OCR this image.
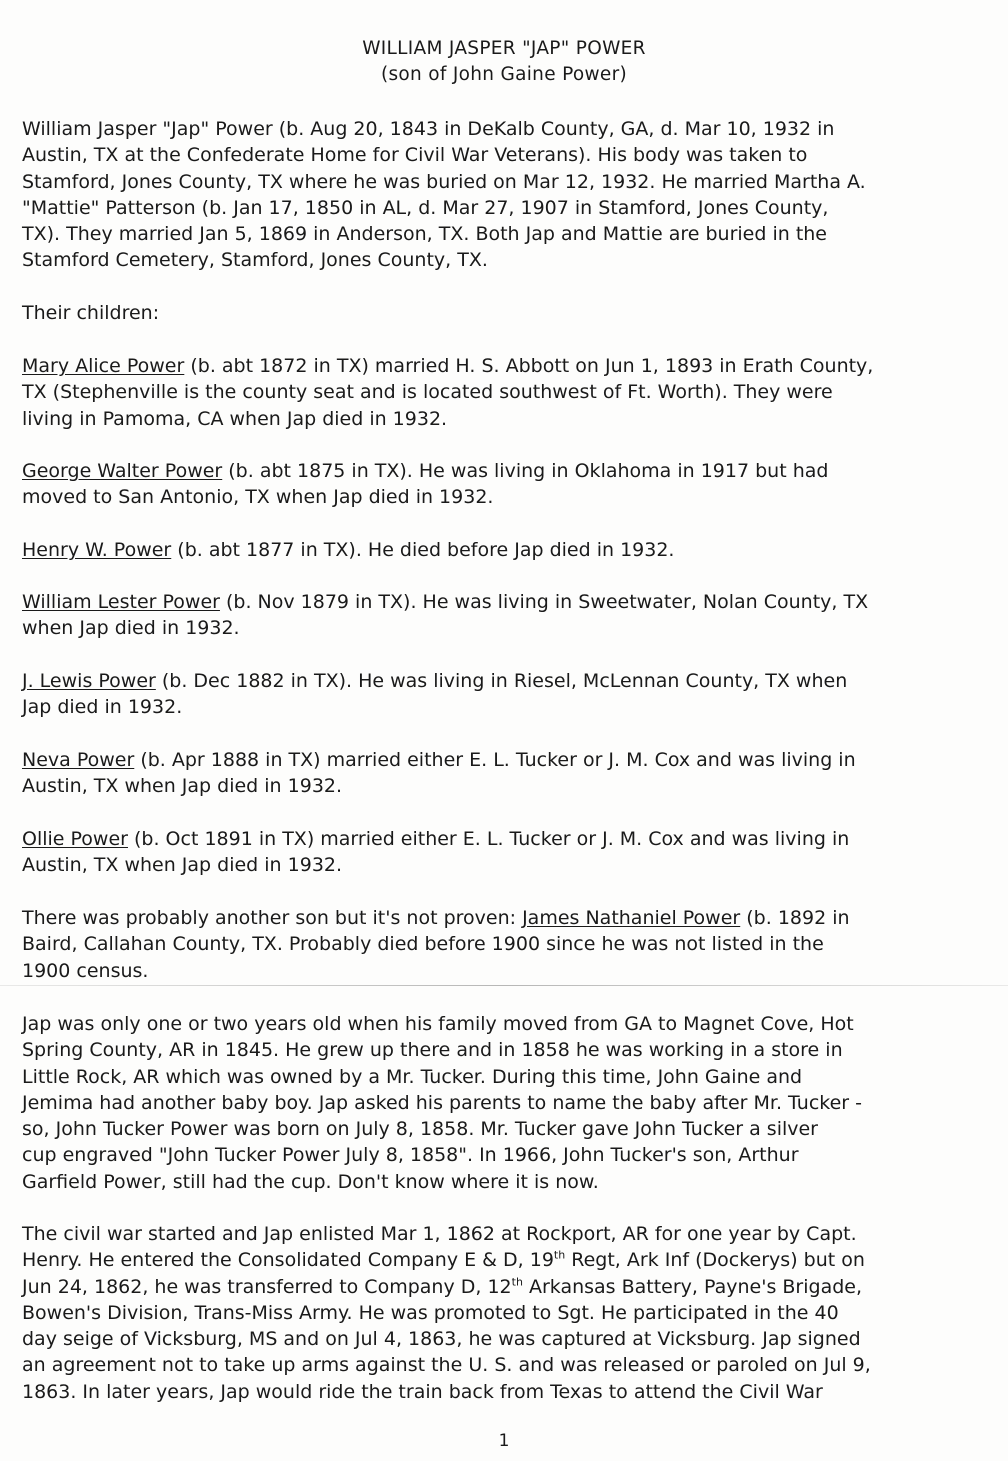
WILLIAM JASPER "JAP" POWER
(son of John Gaine Power)
William Jasper "Jap" Power (b. Aug 20, 1843 in DeKalb County, GA, d. Mar 10, 1932 in
Austin, TX at the Confederate Home for Civil War Veterans). His body was taken to
Stamford, Jones County, TX where he was buried on Mar 12, 1932. He married Martha A.
"Mattie" Patterson (b. Jan 17, 1850 in AL, d. Mar 27, 1907 in Stamford, Jones County,
TX). They married Jan 5, 1869 in Anderson, TX. Both Jap and Mattie are buried in the
Stamford Cemetery, Stamford, Jones County, TX.
Their children:
Mary Alice Power (b. abt 1872 in TX) married H. S. Abbott on Jun 1, 1893 in Erath County,
TX (Stephenville is the county seat and is located southwest of Ft. Worth). They were
living in Pamoma, CA when Jap died in 1932.
George Walter Power (b. abt 1875 in TX). He was living in Oklahoma in 1917 but had
moved to San Antonio, TX when Jap died in 1932.
Henry W. Power (b. abt 1877 in TX). He died before Jap died in 1932.
William Lester Power (b. Nov 1879 in TX). He was living in Sweetwater, Nolan County, TX
when Jap died in 1932.
J. Lewis Power (b. Dec 1882 in TX). He was living in Riesel, McLennan County, TX when
Jap died in 1932.
Neva Power (b. Apr 1888 in TX) married either E. L. Tucker or J. M. Cox and was living in
Austin, TX when Jap died in 1932.
Ollie Power (b. Oct 1891 in TX) married either E. L. Tucker or J. M. Cox and was living in
Austin, TX when Jap died in 1932.
There was probably another son but it's not proven: James Nathaniel Power (b. 1892 in
Baird, Callahan County, TX. Probably died before 1900 since he was not listed in the
1900 census.
Jap was only one or two years old when his family moved from GA to Magnet Cove, Hot
Spring County, AR in 1845. He grew up there and in 1858 he was working in a store in
Little Rock, AR which was owned by a Mr. Tucker. During this time, John Gaine and
Jemima had another baby boy. Jap asked his parents to name the baby after Mr. Tucker -
so, John Tucker Power was born on July 8, 1858. Mr. Tucker gave John Tucker a silver
cup engraved "John Tucker Power July 8, 1858". In 1966, John Tucker's son, Arthur
Garfield Power, still had the cup. Don't know where it is now.
The civil war started and Jap enlisted Mar 1, 1862 at Rockport, AR for one year by Capt.
Henry. He entered the Consolidated Company E & D, 19th Regt, Ark Inf (Dockerys) but on
Jun 24, 1862, he was transferred to Company D, 12th Arkansas Battery, Payne's Brigade,
Bowen's Division, Trans-Miss Army. He was promoted to Sgt. He participated in the 40
day seige of Vicksburg, MS and on Jul 4, 1863, he was captured at Vicksburg. Jap signed
an agreement not to take up arms against the U. S. and was released or paroled on Jul 9,
1863. In later years, Jap would ride the train back from Texas to attend the Civil War
1
